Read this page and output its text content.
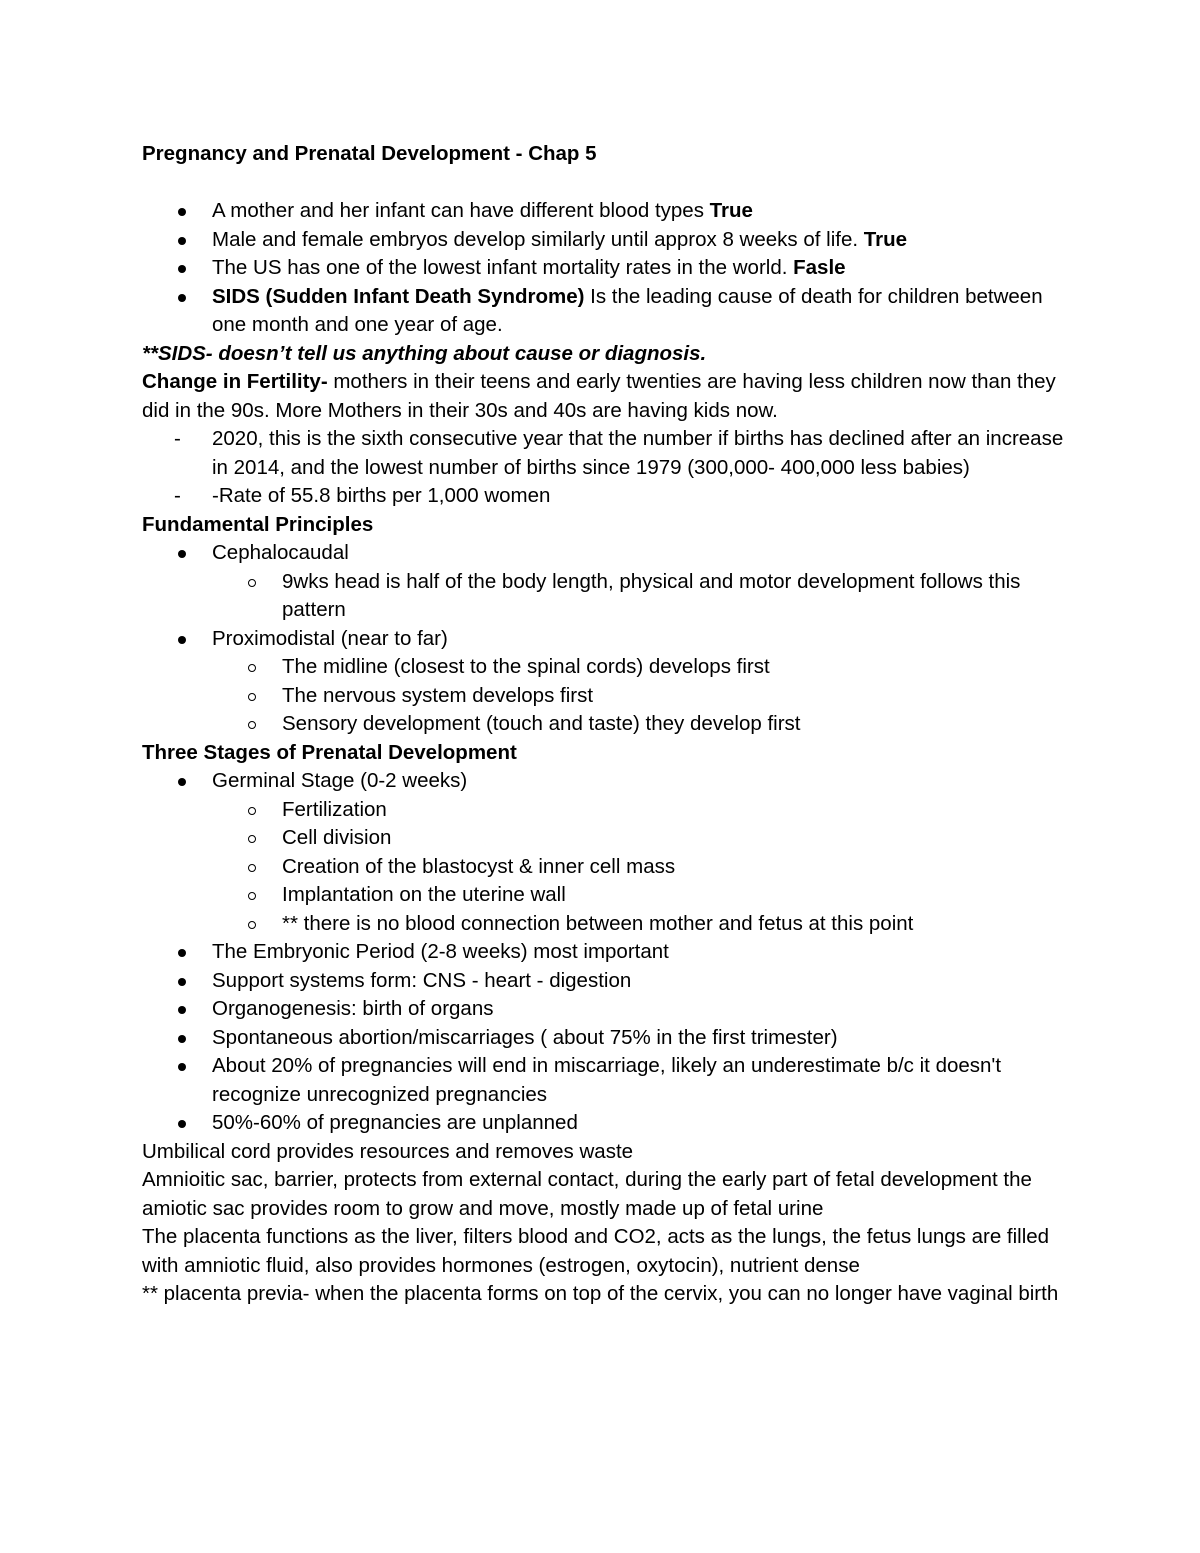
Pregnancy and Prenatal Development - Chap 5

A mother and her infant can have different blood types True
Male and female embryos develop similarly until approx 8 weeks of life. True
The US has one of the lowest infant mortality rates in the world. Fasle
SIDS (Sudden Infant Death Syndrome) Is the leading cause of death for children between one month and one year of age.

**SIDS- doesn’t tell us anything about cause or diagnosis.

Change in Fertility- mothers in their teens and early twenties are having less children now than they did in the 90s. More Mothers in their 30s and 40s are having kids now.

- 2020, this is the sixth consecutive year that the number if births has declined after an increase in 2014, and the lowest number of births since 1979 (300,000- 400,000 less babies)
- -Rate of 55.8 births per 1,000 women

Fundamental Principles

Cephalocaudal
9wks head is half of the body length, physical and motor development follows this pattern
Proximodistal (near to far)
The midline (closest to the spinal cords) develops first
The nervous system develops first
Sensory development (touch and taste) they develop first

Three Stages of Prenatal Development

Germinal Stage (0-2 weeks)
Fertilization
Cell division
Creation of the blastocyst & inner cell mass
Implantation on the uterine wall
** there is no blood connection between mother and fetus at this point
The Embryonic Period (2-8 weeks) most important
Support systems form: CNS - heart - digestion
Organogenesis: birth of organs
Spontaneous abortion/miscarriages ( about 75% in the first trimester)
About 20% of pregnancies will end in miscarriage, likely an underestimate b/c it doesn't recognize unrecognized pregnancies
50%-60% of pregnancies are unplanned

Umbilical cord provides resources and removes waste

Amnioitic sac, barrier, protects from external contact, during the early part of fetal development the amiotic sac provides room to grow and move, mostly made up of fetal urine

The placenta functions as the liver, filters blood and CO2, acts as the lungs, the fetus lungs are filled with amniotic fluid, also provides hormones (estrogen, oxytocin), nutrient dense

** placenta previa- when the placenta forms on top of the cervix, you can no longer have vaginal birth
